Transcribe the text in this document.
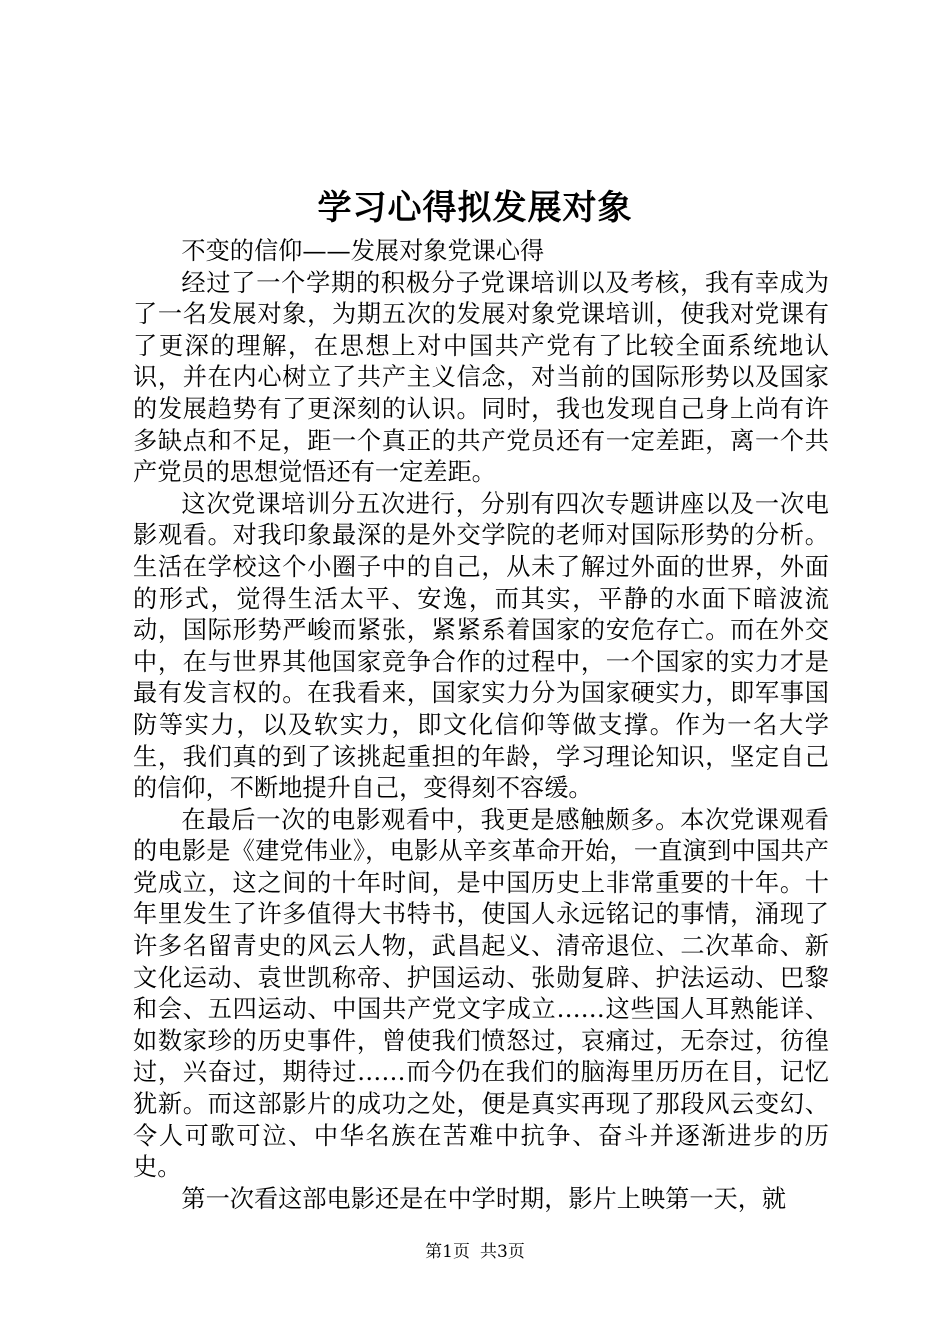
学习心得拟发展对象

不变的信仰——发展对象党课心得

经过了一个学期的积极分子党课培训以及考核，我有幸成为了一名发展对象，为期五次的发展对象党课培训，使我对党课有了更深的理解，在思想上对中国共产党有了比较全面系统地认识，并在内心树立了共产主义信念，对当前的国际形势以及国家的发展趋势有了更深刻的认识。同时，我也发现自己身上尚有许多缺点和不足，距一个真正的共产党员还有一定差距，离一个共产党员的思想觉悟还有一定差距。

这次党课培训分五次进行，分别有四次专题讲座以及一次电影观看。对我印象最深的是外交学院的老师对国际形势的分析。生活在学校这个小圈子中的自己，从未了解过外面的世界，外面的形式，觉得生活太平、安逸，而其实，平静的水面下暗波流动，国际形势严峻而紧张，紧紧系着国家的安危存亡。而在外交中，在与世界其他国家竞争合作的过程中，一个国家的实力才是最有发言权的。在我看来，国家实力分为国家硬实力，即军事国防等实力，以及软实力，即文化信仰等做支撑。作为一名大学生，我们真的到了该挑起重担的年龄，学习理论知识，坚定自己的信仰，不断地提升自己，变得刻不容缓。

在最后一次的电影观看中，我更是感触颇多。本次党课观看的电影是《建党伟业》，电影从辛亥革命开始，一直演到中国共产党成立，这之间的十年时间，是中国历史上非常重要的十年。十年里发生了许多值得大书特书，使国人永远铭记的事情，涌现了许多名留青史的风云人物，武昌起义、清帝退位、二次革命、新文化运动、袁世凯称帝、护国运动、张勋复辟、护法运动、巴黎和会、五四运动、中国共产党文字成立……这些国人耳熟能详、如数家珍的历史事件，曾使我们愤怒过，哀痛过，无奈过，彷徨过，兴奋过，期待过……而今仍在我们的脑海里历历在目，记忆犹新。而这部影片的成功之处，便是真实再现了那段风云变幻、令人可歌可泣、中华名族在苦难中抗争、奋斗并逐渐进步的历史。

第一次看这部电影还是在中学时期，影片上映第一天，就

第1页 共3页
